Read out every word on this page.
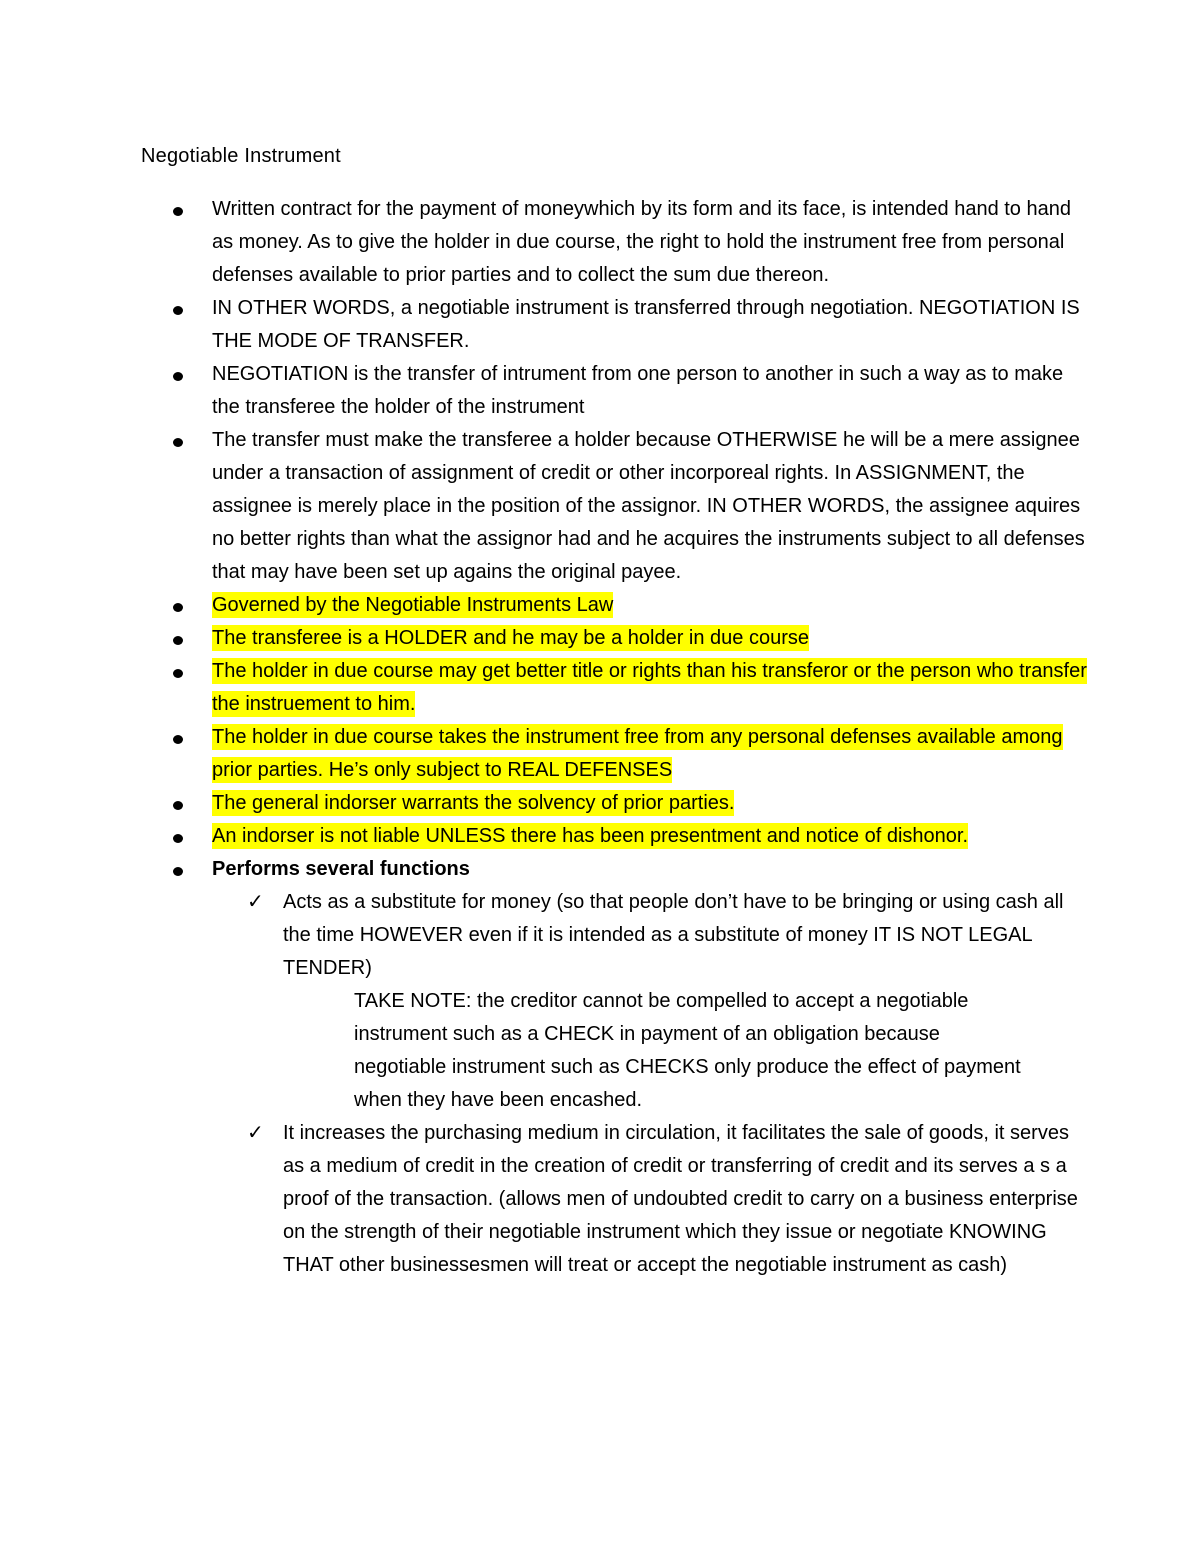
Negotiable Instrument
Written contract for the payment of moneywhich by its form and its face, is intended hand to hand as money. As to give the holder in due course, the right to hold the instrument free from personal defenses available to prior parties and to collect the sum due thereon.
IN OTHER WORDS, a negotiable instrument is transferred through negotiation. NEGOTIATION IS THE MODE OF TRANSFER.
NEGOTIATION is the transfer of intrument from one person to another in such a way as to make the transferee the holder of the instrument
The transfer must make the transferee a holder because OTHERWISE he will be a mere assignee under a transaction of assignment of credit or other incorporeal rights. In ASSIGNMENT, the assignee is merely place in the position of the assignor. IN OTHER WORDS, the assignee aquires no better rights than what the assignor had and he acquires the instruments subject to all defenses that may have been set up agains the original payee.
Governed by the Negotiable Instruments Law
The transferee is a HOLDER and he may be a holder in due course
The holder in due course may get better title or rights than his transferor or the person who transfer the instruement to him.
The holder in due course takes the instrument free from any personal defenses available among prior parties. He’s only subject to REAL DEFENSES
The general indorser warrants the solvency of prior parties.
An indorser is not liable UNLESS there has been presentment and notice of dishonor.
Performs several functions
✓ Acts as a substitute for money (so that people don’t have to be bringing or using cash all the time HOWEVER even if it is intended as a substitute of money IT IS NOT LEGAL TENDER)
TAKE NOTE: the creditor cannot be compelled to accept a negotiable instrument such as a CHECK in payment of an obligation because negotiable instrument such as CHECKS only produce the effect of payment when they have been encashed.
✓ It increases the purchasing medium in circulation, it facilitates the sale of goods, it serves as a medium of credit in the creation of credit or transferring of credit and its serves a s a proof of the transaction. (allows men of undoubted credit to carry on a business enterprise on the strength of their negotiable instrument which they issue or negotiate KNOWING THAT other businessesmen will treat or accept the negotiable instrument as cash)
